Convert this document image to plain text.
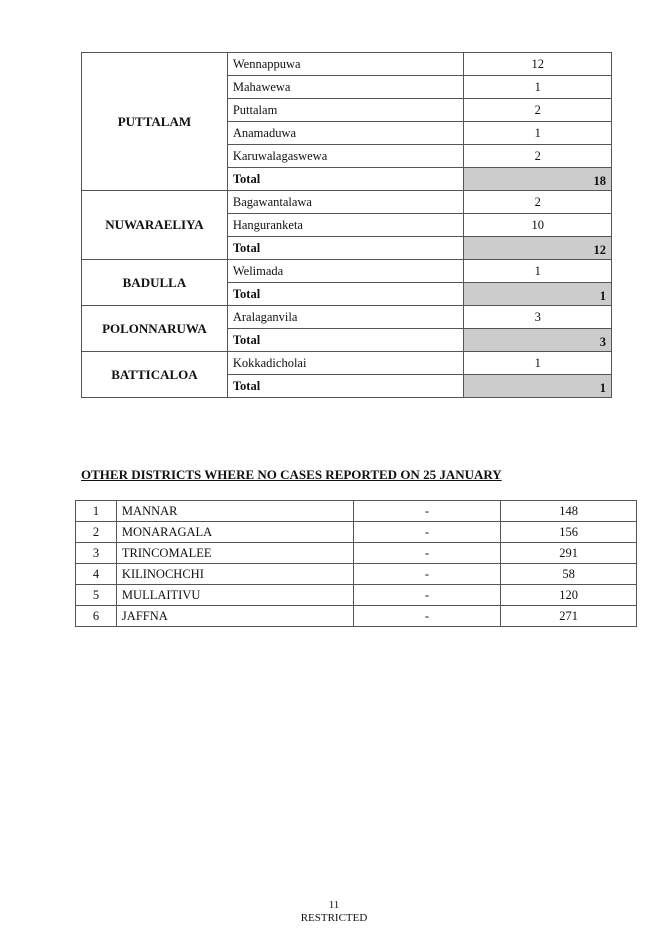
PUTTALAM	Wennappuwa	12
	Mahawewa	1
	Puttalam	2
	Anamaduwa	1
	Karuwalagaswewa	2
	Total	18
NUWARAELIYA	Bagawantalawa	2
	Hanguranketa	10
	Total	12
BADULLA	Welimada	1
	Total	1
POLONNARUWA	Aralaganvila	3
	Total	3
BATTICALOA	Kokkadicholai	1
	Total	1
OTHER DISTRICTS WHERE NO CASES REPORTED ON 25 JANUARY
1	MANNAR	-	148
2	MONARAGALA	-	156
3	TRINCOMALEE	-	291
4	KILINOCHCHI	-	58
5	MULLAITIVU	-	120
6	JAFFNA	-	271
11
RESTRICTED
